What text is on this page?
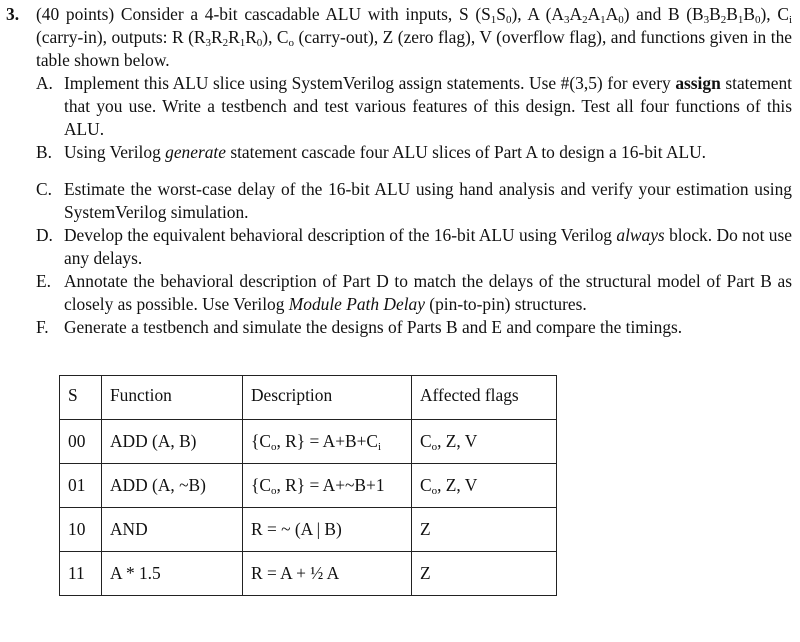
3. (40 points) Consider a 4-bit cascadable ALU with inputs, S $(S_1S_0)$, A $(A_3A_2A_1A_0)$ and B $(B_3B_2B_1B_0)$, $C_i$ (carry-in), outputs: R $(R_3R_2R_1R_0)$, $C_o$ (carry-out), Z (zero flag), V (overflow flag), and functions given in the table shown below.

A. Implement this ALU slice using SystemVerilog assign statements. Use #(3,5) for every assign statement that you use. Write a testbench and test various features of this design. Test all four functions of this ALU.
B. Using Verilog generate statement cascade four ALU slices of Part A to design a 16-bit ALU.
C. Estimate the worst-case delay of the 16-bit ALU using hand analysis and verify your estimation using SystemVerilog simulation.
D. Develop the equivalent behavioral description of the 16-bit ALU using Verilog always block. Do not use any delays.
E. Annotate the behavioral description of Part D to match the delays of the structural model of Part B as closely as possible. Use Verilog Module Path Delay (pin-to-pin) structures.
F. Generate a testbench and simulate the designs of Parts B and E and compare the timings.
S	Function	Description	Affected flags
00	ADD (A, B)	{$C_o$, $R\} = A+B+C_i$	$C_o$, Z, V
01	ADD (A, ~B)	{$C_o$, R} = A+~B+1	$C_o$, Z, V
10	AND	R = ~ (A | B)	Z
11	A * 1.5	R = A + ½ A	Z
